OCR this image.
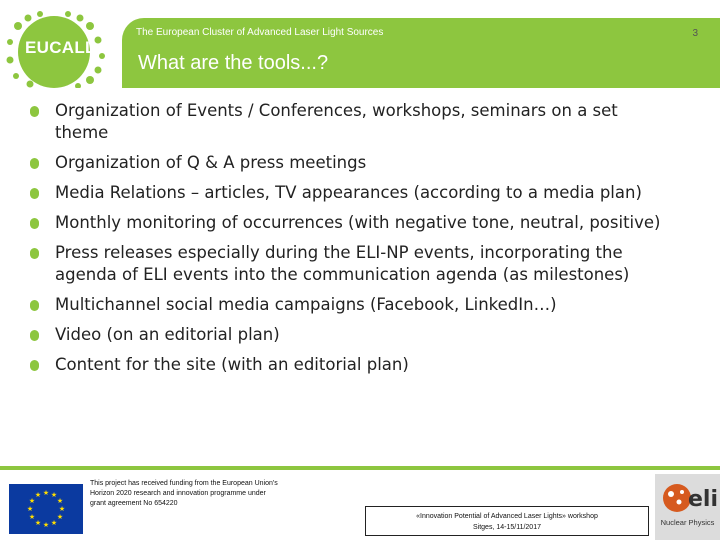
The European Cluster of Advanced Laser Light Sources
What are the tools...?
3
EUCALL
Organization of Events / Conferences, workshops, seminars on a set theme
Organization of Q & A press meetings
Media Relations – articles, TV appearances (according to a media plan)
Monthly monitoring of occurrences (with negative tone, neutral, positive)
Press releases especially during the ELI-NP events, incorporating the agenda of ELI events into the communication agenda (as milestones)
Multichannel social media campaigns (Facebook, LinkedIn…)
Video (on an editorial plan)
Content for the site (with an editorial plan)
★ ★
★
★
★
★
★
★
★
★
★
★
This project has received funding from the European Union's Horizon 2020 research and innovation programme under grant agreement No 654220
«Innovation Potential of Advanced Laser Lights» workshop
Sitges, 14-15/11/2017
eli
Nuclear Physics
